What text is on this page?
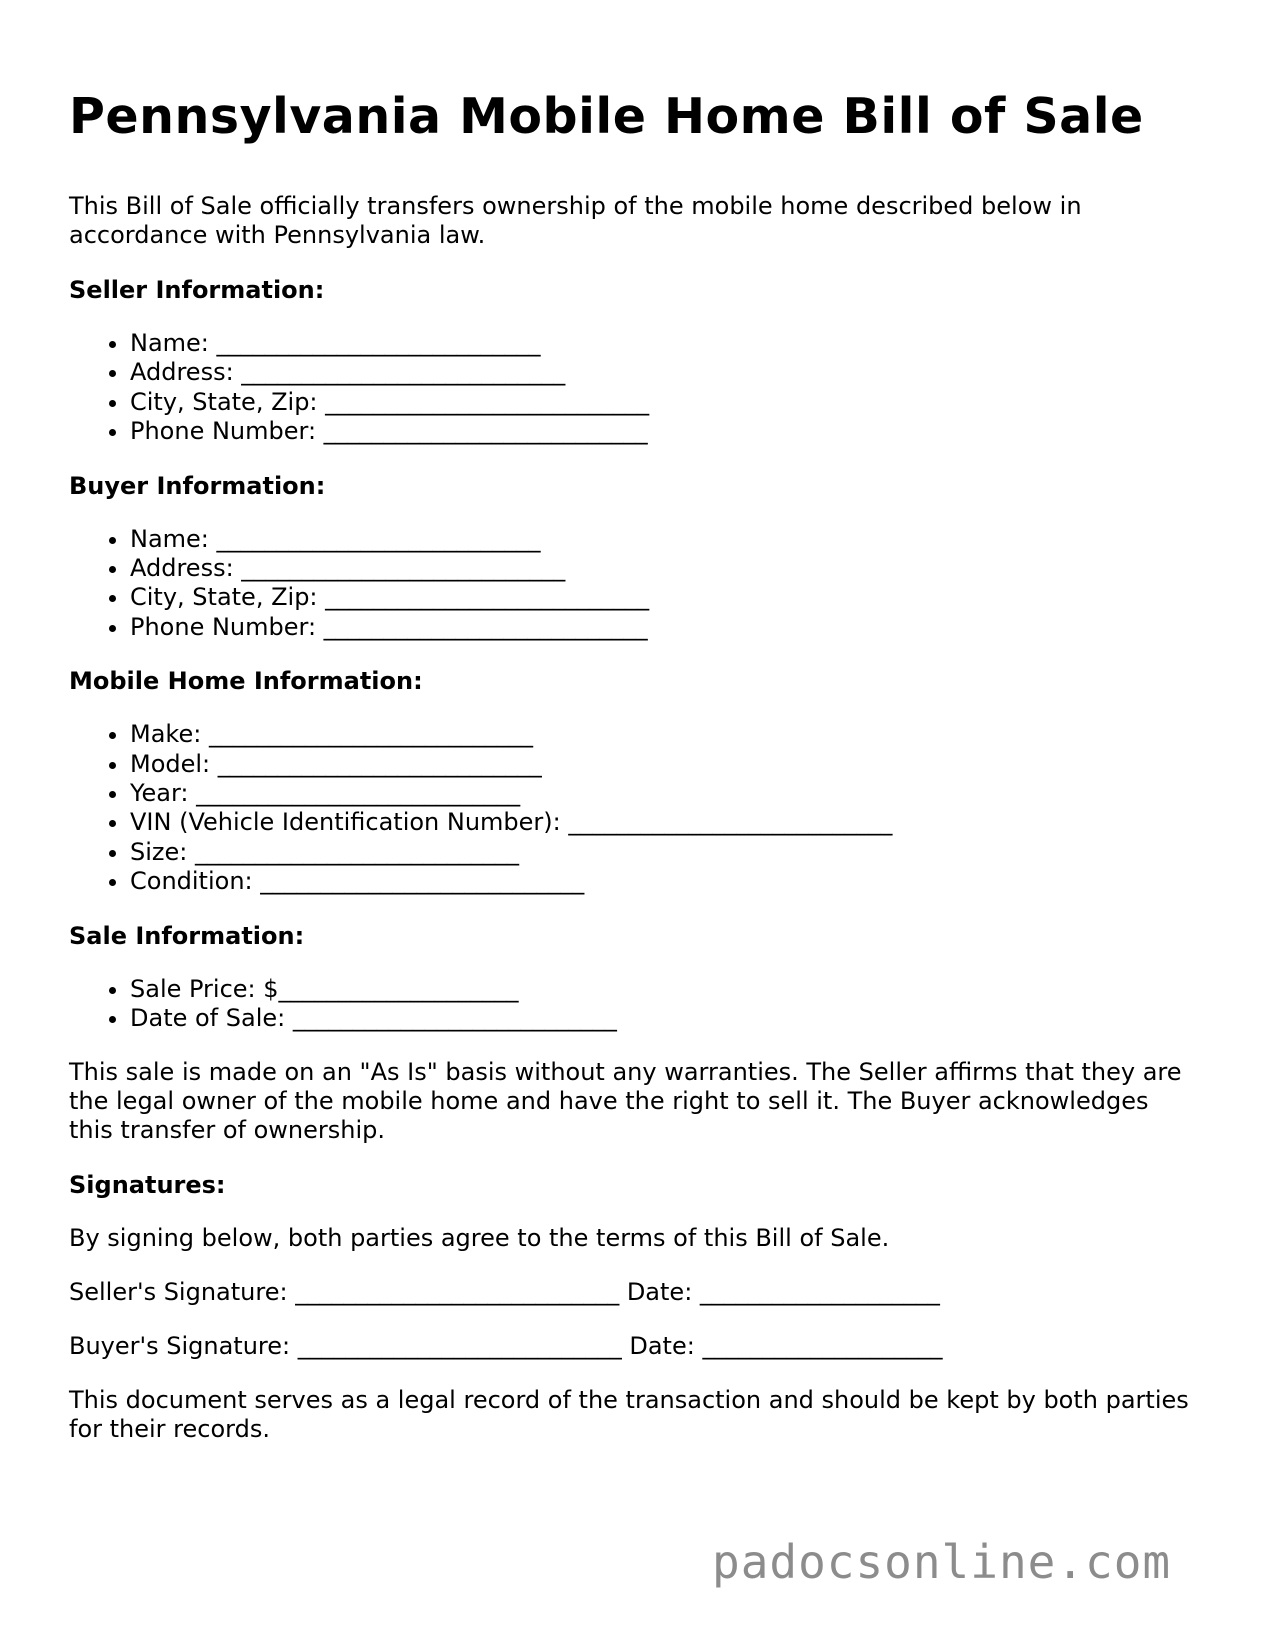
Pennsylvania Mobile Home Bill of Sale

This Bill of Sale officially transfers ownership of the mobile home described below in accordance with Pennsylvania law.

Seller Information:
• Name: ___________________________
• Address: ___________________________
• City, State, Zip: ___________________________
• Phone Number: ___________________________
Buyer Information:
• Name: ___________________________
• Address: ___________________________
• City, State, Zip: ___________________________
• Phone Number: ___________________________
Mobile Home Information:
• Make: ___________________________
• Model: ___________________________
• Year: ___________________________
• VIN (Vehicle Identification Number): ___________________________
• Size: ___________________________
• Condition: ___________________________
Sale Information:
• Sale Price: $____________________
• Date of Sale: ___________________________

This sale is made on an "As Is" basis without any warranties. The Seller affirms that they are the legal owner of the mobile home and have the right to sell it. The Buyer acknowledges this transfer of ownership.

Signatures:

By signing below, both parties agree to the terms of this Bill of Sale.

Seller's Signature: ___________________________ Date: ____________________

Buyer's Signature: ___________________________ Date: ____________________

This document serves as a legal record of the transaction and should be kept by both parties for their records.

padocsonline.com
